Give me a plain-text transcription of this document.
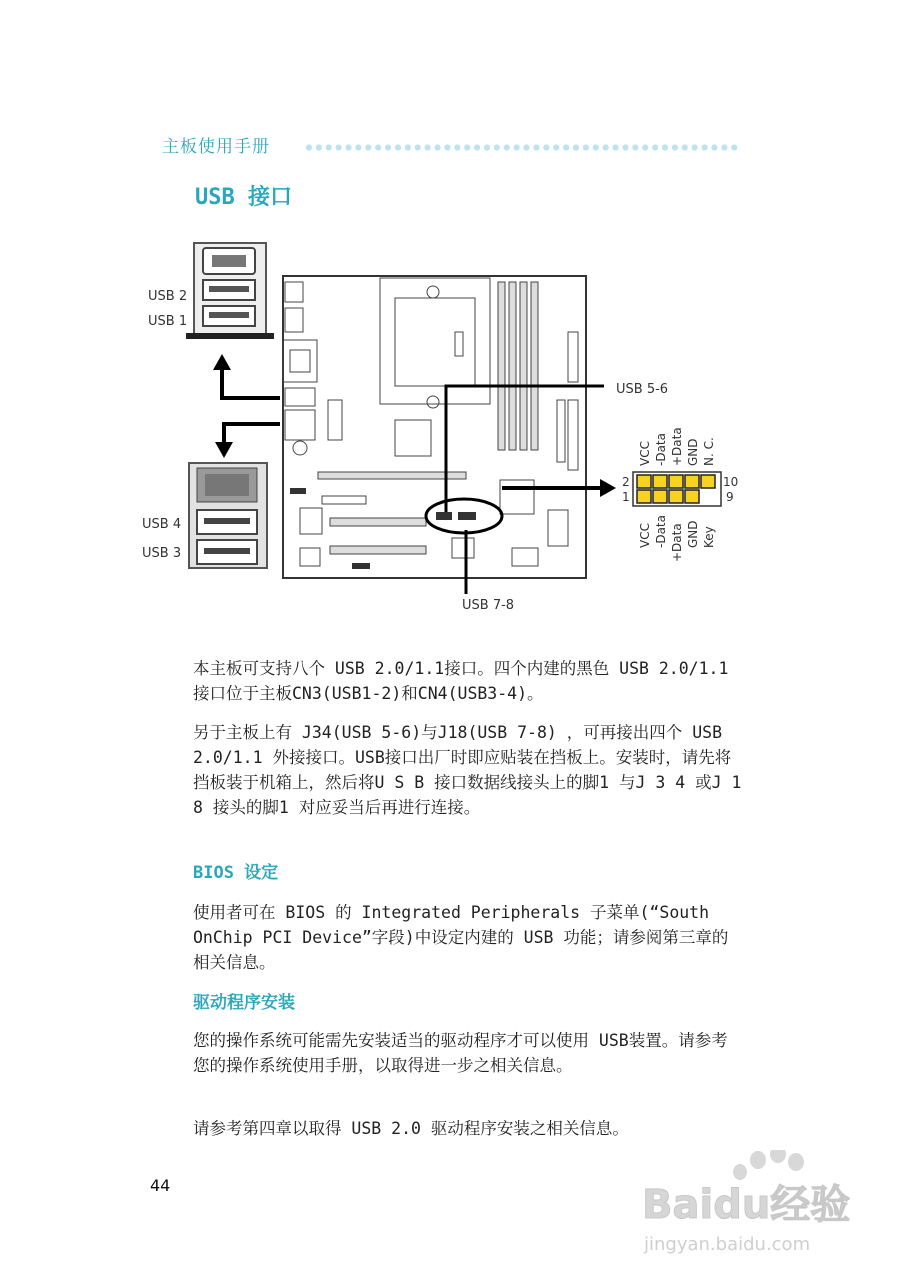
主板使用手册
USB 接口
USB 2
USB 1
USB 4
USB 3
USB 5-6
USB 7-8
2
1
10
9
VCC -Data +Data GND N. C.
VCC -Data +Data GND Key
本主板可支持八个 USB 2.0/1.1接口。四个内建的黑色 USB 2.0/1.1 接口位于主板CN3(USB1-2)和CN4(USB3-4)。
另于主板上有 J34(USB 5-6)与J18(USB 7-8) ，可再接出四个 USB 2.0/1.1 外接接口。USB接口出厂时即应贴装在挡板上。安装时，请先将挡板装于机箱上，然后将U S B 接口数据线接头上的脚1 与J 3 4 或J 1 8 接头的脚1 对应妥当后再进行连接。
BIOS 设定
使用者可在 BIOS 的 Integrated Peripherals 子菜单(“South OnChip PCI Device”字段)中设定内建的 USB 功能；请参阅第三章的相关信息。
驱动程序安装
您的操作系统可能需先安装适当的驱动程序才可以使用 USB装置。请参考您的操作系统使用手册，以取得进一步之相关信息。
请参考第四章以取得 USB 2.0 驱动程序安装之相关信息。
44	Baidu经验
jingyan.baidu.com
